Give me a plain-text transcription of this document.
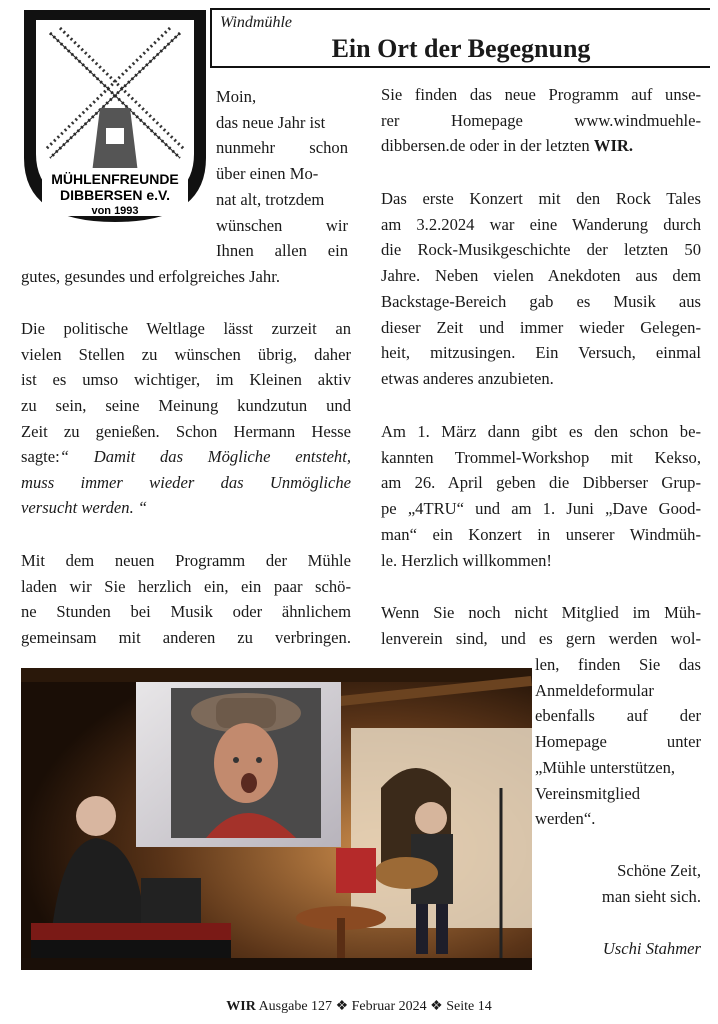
MÜHLENFREUNDE
DIBBERSEN e.V.
von 1993
Windmühle
Ein Ort der Begegnung
Moin,
das neue Jahr ist
nunmehr schon
über einen Mo-
nat alt, trotzdem
wünschen wir
Ihnen allen ein
gutes, gesundes und erfolgreiches Jahr.
Die politische Weltlage lässt zurzeit an
vielen Stellen zu wünschen übrig, daher
ist es umso wichtiger, im Kleinen aktiv
zu sein, seine Meinung kundzutun und
Zeit zu genießen. Schon Hermann Hesse
sagte:“ Damit das Mögliche entsteht,
muss immer wieder das Unmögliche
versucht werden. “
Mit dem neuen Programm der Mühle
laden wir Sie herzlich ein, ein paar schö-
ne Stunden bei Musik oder ähnlichem
gemeinsam mit anderen zu verbringen.
Sie finden das neue Programm auf unse-
rer Homepage www.windmuehle-
dibbersen.de oder in der letzten WIR.
Das erste Konzert mit den Rock Tales
am 3.2.2024 war eine Wanderung durch
die Rock-Musikgeschichte der letzten 50
Jahre. Neben vielen Anekdoten aus dem
Backstage-Bereich gab es Musik aus
dieser Zeit und immer wieder Gelegen-
heit, mitzusingen. Ein Versuch, einmal
etwas anderes anzubieten.
Am 1. März dann gibt es den schon be-
kannten Trommel-Workshop mit Kekso,
am 26. April geben die Dibberser Grup-
pe „4TRU“ und am 1. Juni „Dave Good-
man“ ein Konzert in unserer Windmüh-
le. Herzlich willkommen!
Wenn Sie noch nicht Mitglied im Müh-
lenverein sind, und es gern werden wol-
len, finden Sie das
Anmeldeformular
ebenfalls auf der
Homepage unter
„Mühle unterstützen,
Vereinsmitglied
werden“.
Schöne Zeit,
man sieht sich.
Uschi Stahmer
WIR Ausgabe 127 ❖ Februar 2024 ❖ Seite 14
